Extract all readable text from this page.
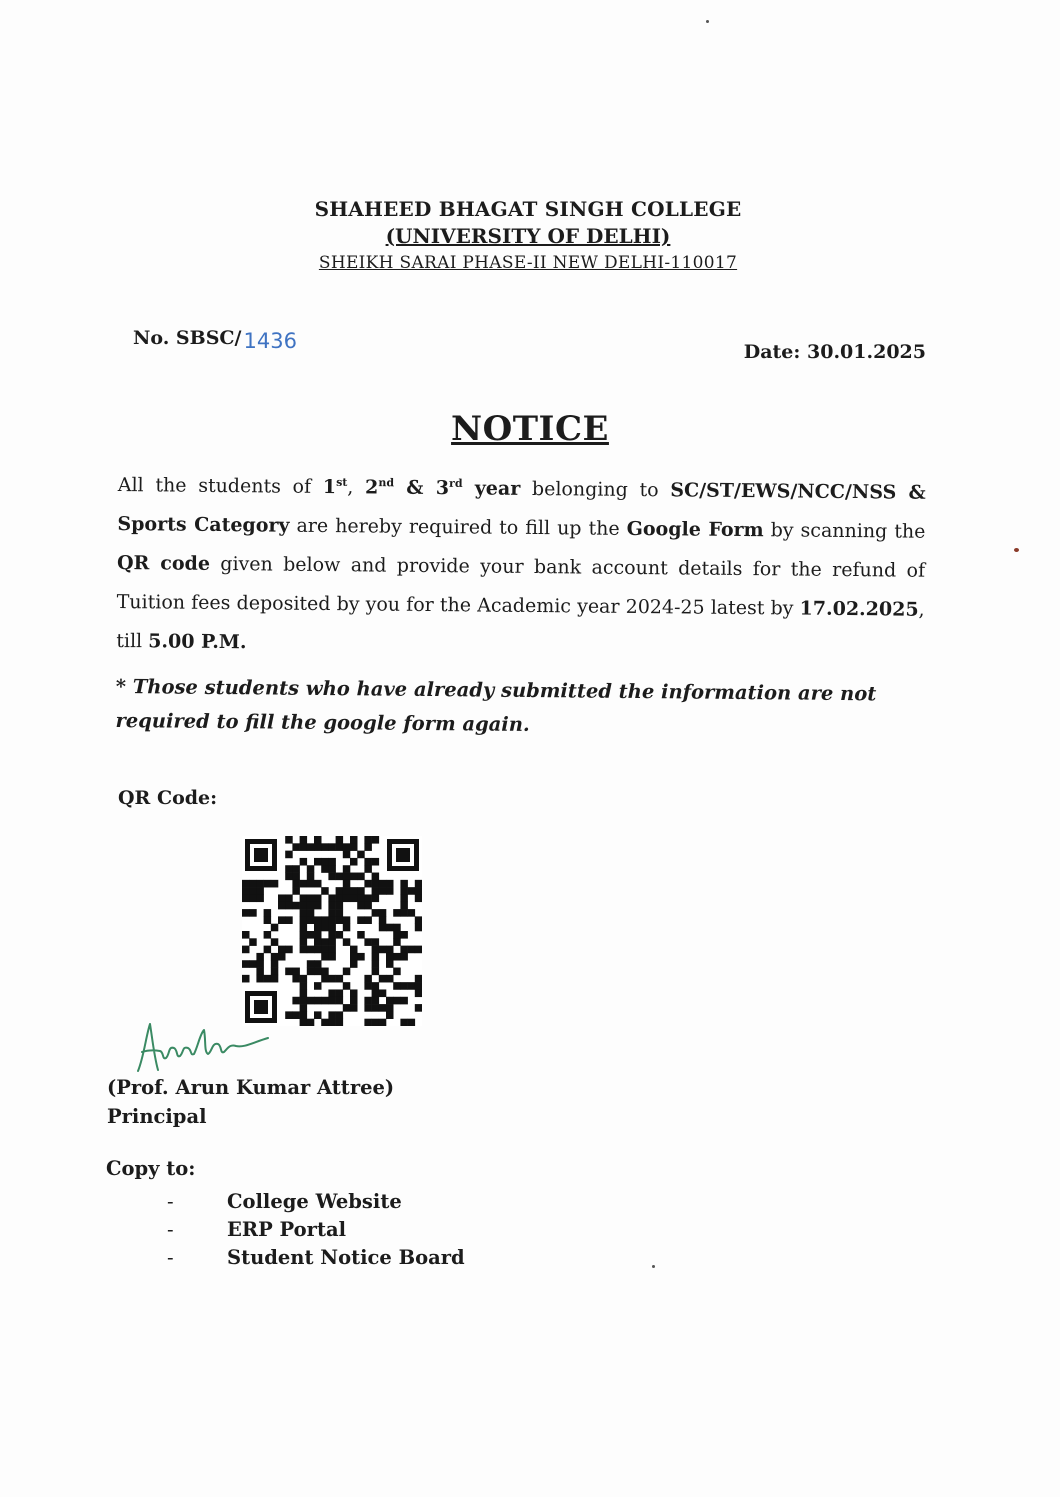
SHAHEED BHAGAT SINGH COLLEGE
(UNIVERSITY OF DELHI)
SHEIKH SARAI PHASE-II NEW DELHI-110017
No. SBSC/1436	Date: 30.01.2025
NOTICE
All the students of 1st, 2nd & 3rd year belonging to SC/ST/EWS/NCC/NSS & Sports Category are hereby required to fill up the Google Form by scanning the QR code given below and provide your bank account details for the refund of Tuition fees deposited by you for the Academic year 2024-25 latest by 17.02.2025, till 5.00 P.M.
* Those students who have already submitted the information are not required to fill the google form again.
QR Code:
(Prof. Arun Kumar Attree)
Principal
Copy to:
-	College Website
-	ERP Portal
-	Student Notice Board
